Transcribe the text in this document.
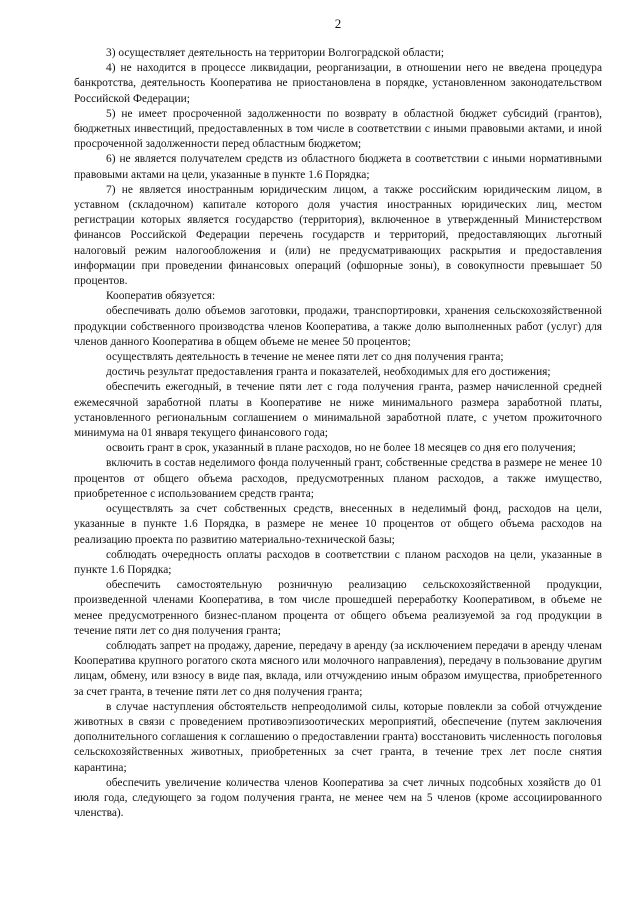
2

3) осуществляет деятельность на территории Волгоградской области;

4) не находится в процессе ликвидации, реорганизации, в отношении него не введена процедура банкротства, деятельность Кооператива не приостановлена в порядке, установленном законодательством Российской Федерации;

5) не имеет просроченной задолженности по возврату в областной бюджет субсидий (грантов), бюджетных инвестиций, предоставленных в том числе в соответствии с иными правовыми актами, и иной просроченной задолженности перед областным бюджетом;

6) не является получателем средств из областного бюджета в соответствии с иными нормативными правовыми актами на цели, указанные в пункте 1.6 Порядка;

7) не является иностранным юридическим лицом, а также российским юридическим лицом, в уставном (складочном) капитале которого доля участия иностранных юридических лиц, местом регистрации которых является государство (территория), включенное в утвержденный Министерством финансов Российской Федерации перечень государств и территорий, предоставляющих льготный налоговый режим налогообложения и (или) не предусматривающих раскрытия и предоставления информации при проведении финансовых операций (офшорные зоны), в совокупности превышает 50 процентов.

Кооператив обязуется:

обеспечивать долю объемов заготовки, продажи, транспортировки, хранения сельскохозяйственной продукции собственного производства членов Кооператива, а также долю выполненных работ (услуг) для членов данного Кооператива в общем объеме не менее 50 процентов;

осуществлять деятельность в течение не менее пяти лет со дня получения гранта;

достичь результат предоставления гранта и показателей, необходимых для его достижения;

обеспечить ежегодный, в течение пяти лет с года получения гранта, размер начисленной средней ежемесячной заработной платы в Кооперативе не ниже минимального размера заработной платы, установленного региональным соглашением о минимальной заработной плате, с учетом прожиточного минимума на 01 января текущего финансового года;

освоить грант в срок, указанный в плане расходов, но не более 18 месяцев со дня его получения;

включить в состав неделимого фонда полученный грант, собственные средства в размере не менее 10 процентов от общего объема расходов, предусмотренных планом расходов, а также имущество, приобретенное с использованием средств гранта;

осуществлять за счет собственных средств, внесенных в неделимый фонд, расходов на цели, указанные в пункте 1.6 Порядка, в размере не менее 10 процентов от общего объема расходов на реализацию проекта по развитию материально-технической базы;

соблюдать очередность оплаты расходов в соответствии с планом расходов на цели, указанные в пункте 1.6 Порядка;

обеспечить самостоятельную розничную реализацию сельскохозяйственной продукции, произведенной членами Кооператива, в том числе прошедшей переработку Кооперативом, в объеме не менее предусмотренного бизнес-планом процента от общего объема реализуемой за год продукции в течение пяти лет со дня получения гранта;

соблюдать запрет на продажу, дарение, передачу в аренду (за исключением передачи в аренду членам Кооператива крупного рогатого скота мясного или молочного направления), передачу в пользование другим лицам, обмену, или взносу в виде пая, вклада, или отчуждению иным образом имущества, приобретенного за счет гранта, в течение пяти лет со дня получения гранта;

в случае наступления обстоятельств непреодолимой силы, которые повлекли за собой отчуждение животных в связи с проведением противоэпизоотических мероприятий, обеспечение (путем заключения дополнительного соглашения к соглашению о предоставлении гранта) восстановить численность поголовья сельскохозяйственных животных, приобретенных за счет гранта, в течение трех лет после снятия карантина;

обеспечить увеличение количества членов Кооператива за счет личных подсобных хозяйств до 01 июля года, следующего за годом получения гранта, не менее чем на 5 членов (кроме ассоциированного членства).
